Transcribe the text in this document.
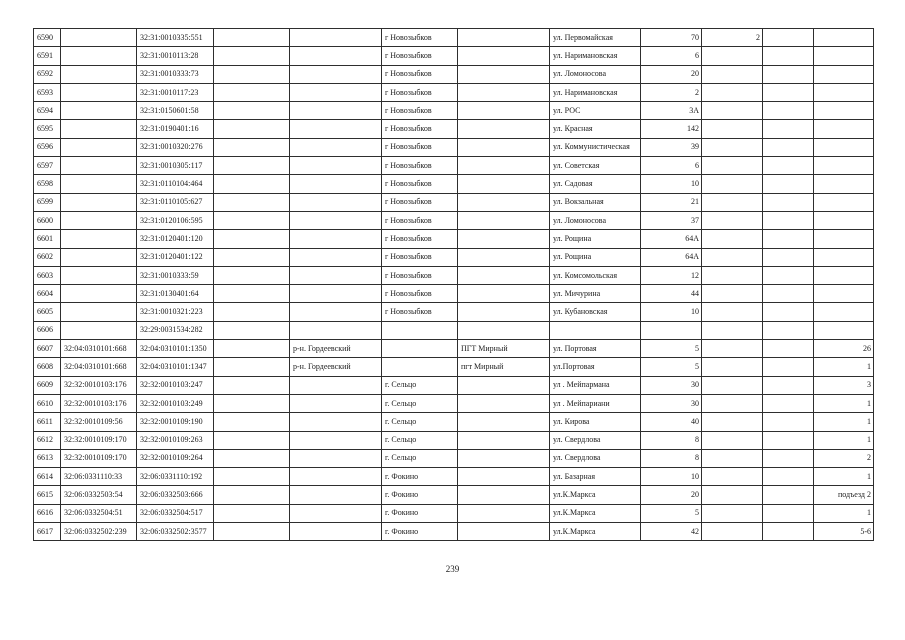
6590		32:31:0010335:551			г Новозыбков		ул. Первомайская	70	2		
6591		32:31:0010113:28			г Новозыбков		ул. Наримановская	6			
6592		32:31:0010333:73			г Новозыбков		ул. Ломоносова	20			
6593		32:31:0010117:23			г Новозыбков		ул. Наримановская	2			
6594		32:31:0150601:58			г Новозыбков		ул. РОС	3А			
6595		32:31:0190401:16			г Новозыбков		ул. Красная	142			
6596		32:31:0010320:276			г Новозыбков		ул. Коммунистическая	39			
6597		32:31:0010305:117			г Новозыбков		ул. Советская	6			
6598		32:31:0110104:464			г Новозыбков		ул. Садовая	10			
6599		32:31:0110105:627			г Новозыбков		ул. Вокзальная	21			
6600		32:31:0120106:595			г Новозыбков		ул. Ломоносова	37			
6601		32:31:0120401:120			г Новозыбков		ул. Рощина	64А			
6602		32:31:0120401:122			г Новозыбков		ул. Рощина	64А			
6603		32:31:0010333:59			г Новозыбков		ул. Комсомольская	12			
6604		32:31:0130401:64			г Новозыбков		ул. Мичурина	44			
6605		32:31:0010321:223			г Новозыбков		ул. Кубановская	10			
6606		32:29:0031534:282									
6607	32:04:0310101:668	32:04:0310101:1350		р-н. Гордеевский		ПГТ Мирный	ул. Портовая	5			26
6608	32:04:0310101:668	32:04:0310101:1347		р-н. Гордеевский		пгт Мирный	ул.Портовая	5			1
6609	32:32:0010103:176	32:32:0010103:247			г. Сельцо		ул . Мейпармана	30			3
6610	32:32:0010103:176	32:32:0010103:249			г. Сельцо		ул . Мейпариани	30			1
6611	32:32:0010109:56	32:32:0010109:190			г. Сельцо		ул. Кирова	40			1
6612	32:32:0010109:170	32:32:0010109:263			г. Сельцо		ул. Свердлова	8			1
6613	32:32:0010109:170	32:32:0010109:264			г. Сельцо		ул. Свердлова	8			2
6614	32:06:0331110:33	32:06:0331110:192			г. Фокино		ул. Базарная	10			1
6615	32:06:0332503:54	32:06:0332503:666			г. Фокино		ул.К.Маркса	20			подъезд 2
6616	32:06:0332504:51	32:06:0332504:517			г. Фокино		ул.К.Маркса	5			1
6617	32:06:0332502:239	32:06:0332502:3577			г. Фокино		ул.К.Маркса	42			5-6
239
